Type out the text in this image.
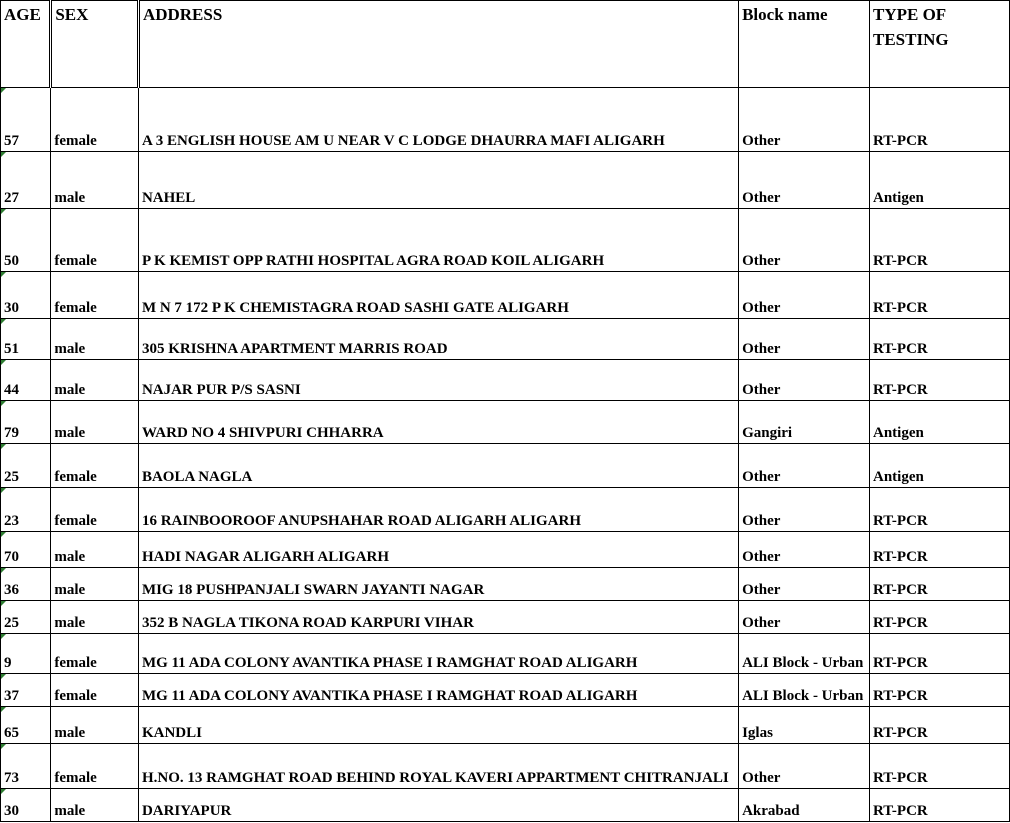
AGE	SEX	ADDRESS	Block name	TYPE OF TESTING
57	female	A 3 ENGLISH HOUSE AM U NEAR V C LODGE DHAURRA MAFI ALIGARH	Other	RT-PCR
27	male	NAHEL	Other	Antigen
50	female	P K KEMIST OPP RATHI HOSPITAL AGRA ROAD KOIL ALIGARH	Other	RT-PCR
30	female	M N 7 172 P K CHEMISTAGRA ROAD SASHI GATE ALIGARH	Other	RT-PCR
51	male	305 KRISHNA APARTMENT MARRIS ROAD	Other	RT-PCR
44	male	NAJAR PUR P/S SASNI	Other	RT-PCR
79	male	WARD NO 4 SHIVPURI CHHARRA	Gangiri	Antigen
25	female	BAOLA NAGLA	Other	Antigen
23	female	16 RAINBOOROOF ANUPSHAHAR ROAD ALIGARH ALIGARH	Other	RT-PCR
70	male	HADI NAGAR ALIGARH ALIGARH	Other	RT-PCR
36	male	MIG 18 PUSHPANJALI SWARN JAYANTI NAGAR	Other	RT-PCR
25	male	352 B NAGLA TIKONA ROAD KARPURI VIHAR	Other	RT-PCR
9	female	MG 11 ADA COLONY AVANTIKA PHASE I RAMGHAT ROAD ALIGARH	ALI Block - Urban	RT-PCR
37	female	MG 11 ADA COLONY AVANTIKA PHASE I RAMGHAT ROAD ALIGARH	ALI Block - Urban	RT-PCR
65	male	KANDLI	Iglas	RT-PCR
73	female	H.NO. 13 RAMGHAT ROAD BEHIND ROYAL KAVERI APPARTMENT CHITRANJALI	Other	RT-PCR
30	male	DARIYAPUR	Akrabad	RT-PCR
